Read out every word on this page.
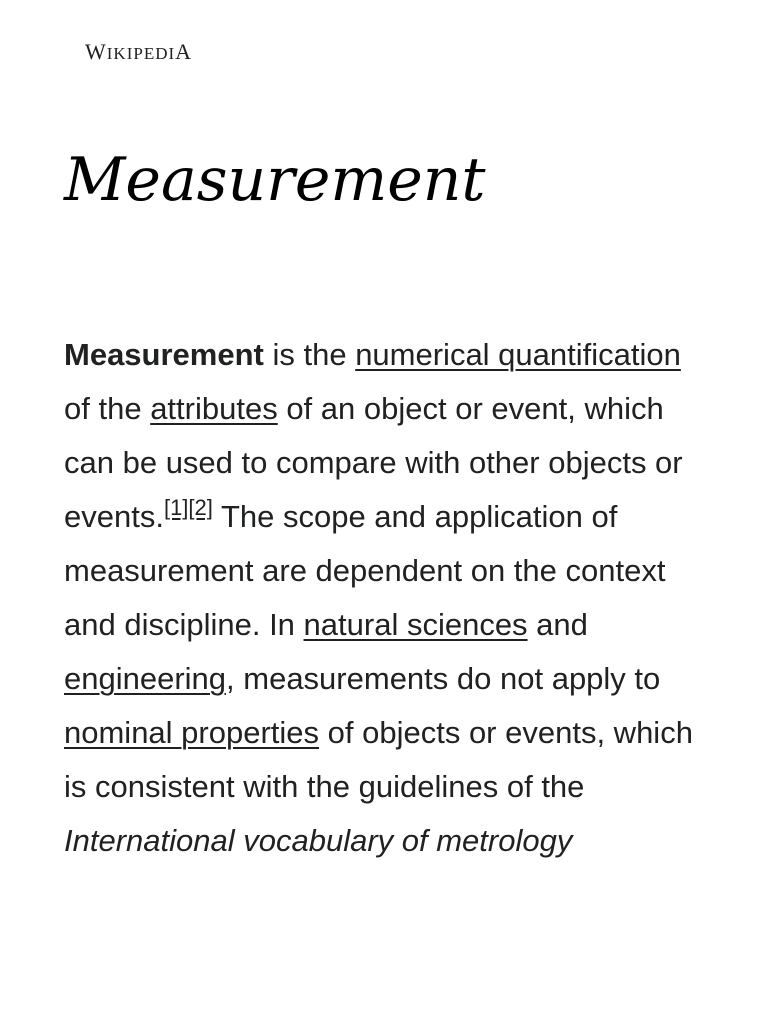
WIKIPEDIA
Measurement

Measurement is the numerical quantification of the attributes of an object or event, which can be used to compare with other objects or events.[1][2] The scope and application of measurement are dependent on the context and discipline. In natural sciences and engineering, measurements do not apply to nominal properties of objects or events, which is consistent with the guidelines of the International vocabulary of metrology
